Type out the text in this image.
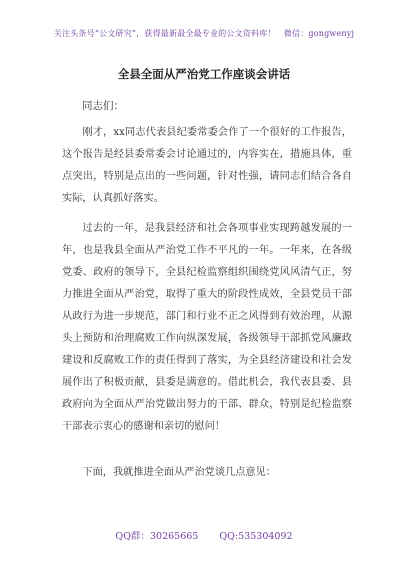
关注头条号“公文研究”，获得最新最全最专业的公文资料库！　微信：gongwenyj
全县全面从严治党工作座谈会讲话
同志们：

刚才，xx同志代表县纪委常委会作了一个很好的工作报告，这个报告是经县委常委会讨论通过的，内容实在，措施具体，重点突出，特别是点出的一些问题，针对性强，请同志们结合各自实际，认真抓好落实。

过去的一年，是我县经济和社会各项事业实现跨越发展的一年，也是我县全面从严治党工作不平凡的一年。一年来，在各级党委、政府的领导下，全县纪检监察组织围绕党风风清气正，努力推进全面从严治党，取得了重大的阶段性成效，全县党员干部从政行为进一步规范，部门和行业不正之风得到有效治理，从源头上预防和治理腐败工作向纵深发展，各级领导干部抓党风廉政建设和反腐败工作的责任得到了落实，为全县经济建设和社会发展作出了积极贡献，县委是满意的。借此机会，我代表县委、县政府向为全面从严治党做出努力的干部、群众，特别是纪检监察干部表示衷心的感谢和亲切的慰问！

下面，我就推进全面从严治党谈几点意见：

QQ群：30265665 QQ:535304092
